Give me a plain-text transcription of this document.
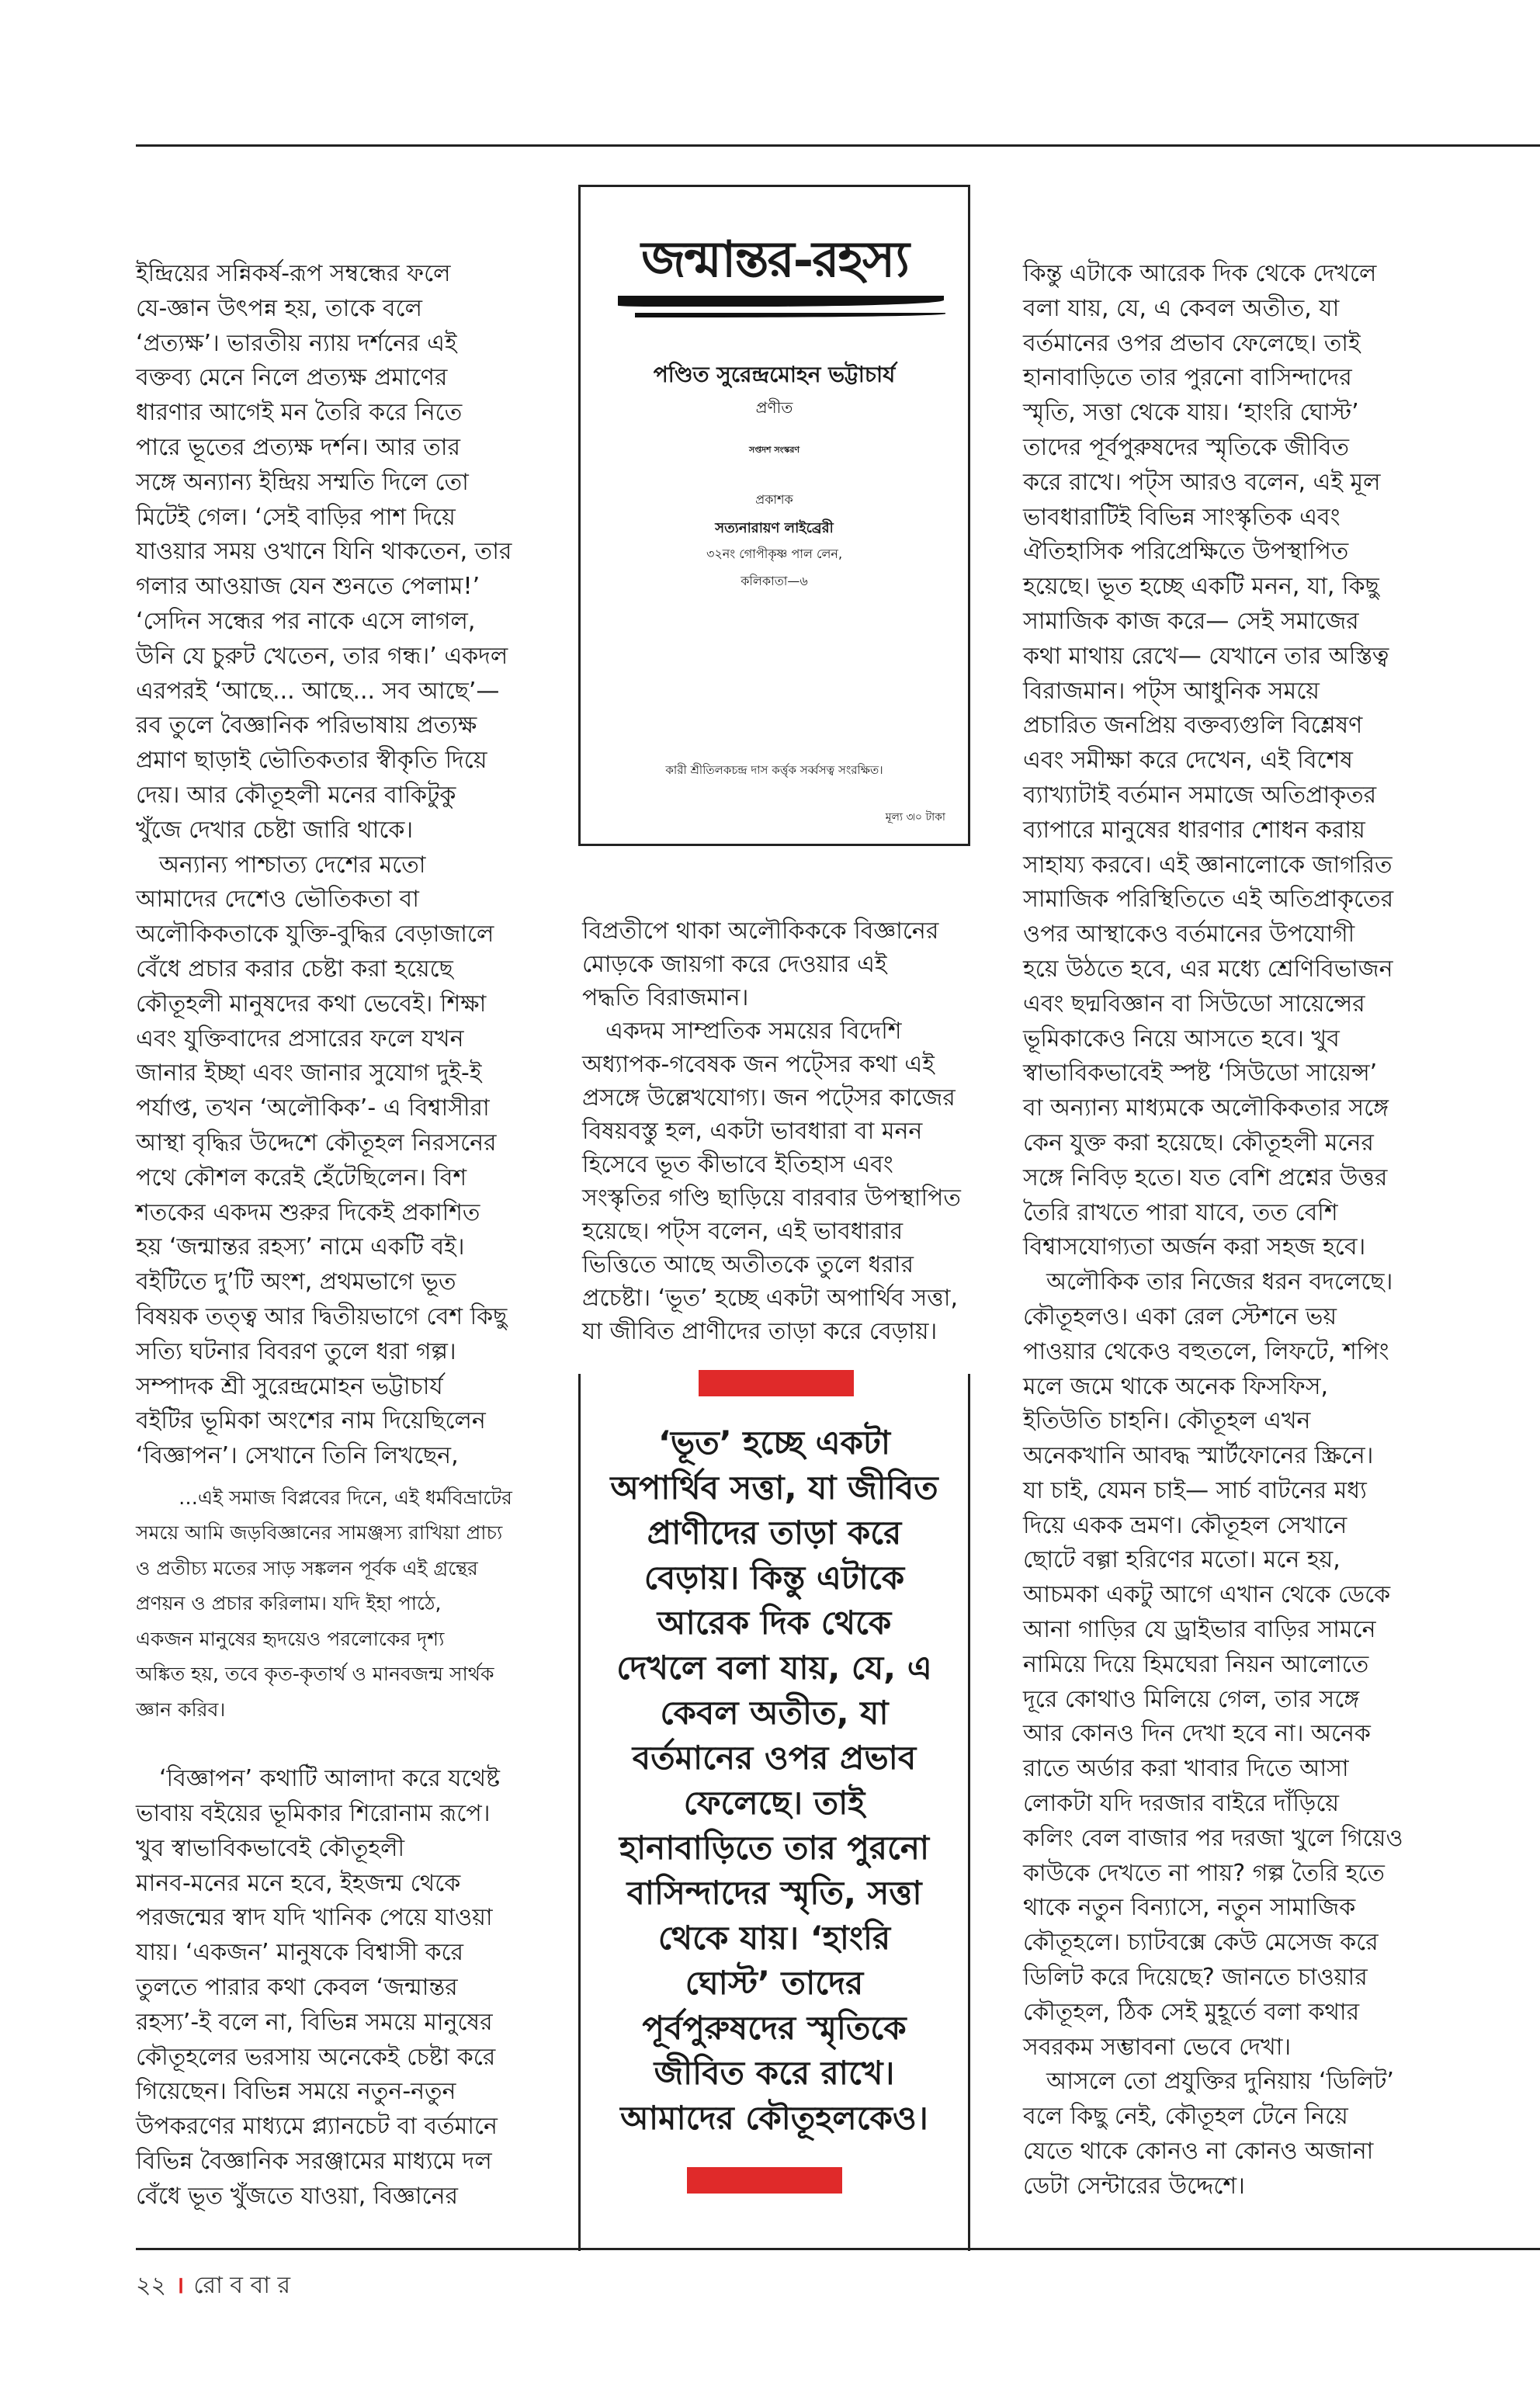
ইন্দ্রিয়ের সন্নিকর্ষ-রূপ সম্বন্ধের ফলে
যে-জ্ঞান উৎপন্ন হয়, তাকে বলে
‘প্রত্যক্ষ’। ভারতীয় ন্যায় দর্শনের এই
বক্তব্য মেনে নিলে প্রত্যক্ষ প্রমাণের
ধারণার আগেই মন তৈরি করে নিতে
পারে ভূতের প্রত্যক্ষ দর্শন। আর তার
সঙ্গে অন্যান্য ইন্দ্রিয় সম্মতি দিলে তো
মিটেই গেল। ‘সেই বাড়ির পাশ দিয়ে
যাওয়ার সময় ওখানে যিনি থাকতেন, তার
গলার আওয়াজ যেন শুনতে পেলাম!’
‘সেদিন সন্ধের পর নাকে এসে লাগল,
উনি যে চুরুট খেতেন, তার গন্ধ।’ একদল
এরপরই ‘আছে... আছে... সব আছে’—
রব তুলে বৈজ্ঞানিক পরিভাষায় প্রত্যক্ষ
প্রমাণ ছাড়াই ভৌতিকতার স্বীকৃতি দিয়ে
দেয়। আর কৌতূহলী মনের বাকিটুকু
খুঁজে দেখার চেষ্টা জারি থাকে।
অন্যান্য পাশ্চাত্য দেশের মতো
আমাদের দেশেও ভৌতিকতা বা
অলৌকিকতাকে যুক্তি-বুদ্ধির বেড়াজালে
বেঁধে প্রচার করার চেষ্টা করা হয়েছে
কৌতূহলী মানুষদের কথা ভেবেই। শিক্ষা
এবং যুক্তিবাদের প্রসারের ফলে যখন
জানার ইচ্ছা এবং জানার সুযোগ দুই-ই
পর্যাপ্ত, তখন ‘অলৌকিক’- এ বিশ্বাসীরা
আস্থা বৃদ্ধির উদ্দেশে কৌতূহল নিরসনের
পথে কৌশল করেই হেঁটেছিলেন। বিশ
শতকের একদম শুরুর দিকেই প্রকাশিত
হয় ‘জন্মান্তর রহস্য’ নামে একটি বই।
বইটিতে দু’টি অংশ, প্রথমভাগে ভূত
বিষয়ক তত্ত্ব আর দ্বিতীয়ভাগে বেশ কিছু
সত্যি ঘটনার বিবরণ তুলে ধরা গল্প।
সম্পাদক শ্রী সুরেন্দ্রমোহন ভট্টাচার্য
বইটির ভূমিকা অংশের নাম দিয়েছিলেন
‘বিজ্ঞাপন’। সেখানে তিনি লিখছেন,
…এই সমাজ বিপ্লবের দিনে, এই ধর্মবিভ্রাটের
সময়ে আমি জড়বিজ্ঞানের সামঞ্জস্য রাখিয়া প্রাচ্য
ও প্রতীচ্য মতের সাড় সঙ্কলন পূর্বক এই গ্রন্থের
প্রণয়ন ও প্রচার করিলাম। যদি ইহা পাঠে,
একজন মানুষের হৃদয়েও পরলোকের দৃশ্য
অঙ্কিত হয়, তবে কৃত-কৃতার্থ ও মানবজন্ম সার্থক
জ্ঞান করিব।
‘বিজ্ঞাপন’ কথাটি আলাদা করে যথেষ্ট
ভাবায় বইয়ের ভূমিকার শিরোনাম রূপে।
খুব স্বাভাবিকভাবেই কৌতূহলী
মানব-মনের মনে হবে, ইহজন্ম থেকে
পরজন্মের স্বাদ যদি খানিক পেয়ে যাওয়া
যায়। ‘একজন’ মানুষকে বিশ্বাসী করে
তুলতে পারার কথা কেবল ‘জন্মান্তর
রহস্য’-ই বলে না, বিভিন্ন সময়ে মানুষের
কৌতূহলের ভরসায় অনেকেই চেষ্টা করে
গিয়েছেন। বিভিন্ন সময়ে নতুন-নতুন
উপকরণের মাধ্যমে প্ল্যানচেট বা বর্তমানে
বিভিন্ন বৈজ্ঞানিক সরঞ্জামের মাধ্যমে দল
বেঁধে ভূত খুঁজতে যাওয়া, বিজ্ঞানের
জন্মান্তর-রহস্য
পণ্ডিত সুরেন্দ্রমোহন ভট্টাচার্য
প্রণীত
সপ্তদশ সংস্করণ
প্রকাশক
সত্যনারায়ণ লাইব্রেরী
৩২নং গোপীকৃষ্ণ পাল লেন,
কলিকাতা—৬
কারী শ্রীতিলকচন্দ্র দাস কর্ত্তৃক সর্ব্বসত্ব সংরক্ষিত।
মূল্য ৩৷০ টাকা
বিপ্রতীপে থাকা অলৌকিককে বিজ্ঞানের
মোড়কে জায়গা করে দেওয়ার এই
পদ্ধতি বিরাজমান।
একদম সাম্প্রতিক সময়ের বিদেশি
অধ্যাপক-গবেষক জন পট্সের কথা এই
প্রসঙ্গে উল্লেখযোগ্য। জন পট্সের কাজের
বিষয়বস্তু হল, একটা ভাবধারা বা মনন
হিসেবে ভূত কীভাবে ইতিহাস এবং
সংস্কৃতির গণ্ডি ছাড়িয়ে বারবার উপস্থাপিত
হয়েছে। পট্স বলেন, এই ভাবধারার
ভিত্তিতে আছে অতীতকে তুলে ধরার
প্রচেষ্টা। ‘ভূত’ হচ্ছে একটা অপার্থিব সত্তা,
যা জীবিত প্রাণীদের তাড়া করে বেড়ায়।
‘ভূত’ হচ্ছে একটা
অপার্থিব সত্তা, যা জীবিত
প্রাণীদের তাড়া করে
বেড়ায়। কিন্তু এটাকে
আরেক দিক থেকে
দেখলে বলা যায়, যে, এ
কেবল অতীত, যা
বর্তমানের ওপর প্রভাব
ফেলেছে। তাই
হানাবাড়িতে তার পুরনো
বাসিন্দাদের স্মৃতি, সত্তা
থেকে যায়। ‘হাংরি
ঘোস্ট’ তাদের
পূর্বপুরুষদের স্মৃতিকে
জীবিত করে রাখে।
আমাদের কৌতূহলকেও।
কিন্তু এটাকে আরেক দিক থেকে দেখলে
বলা যায়, যে, এ কেবল অতীত, যা
বর্তমানের ওপর প্রভাব ফেলেছে। তাই
হানাবাড়িতে তার পুরনো বাসিন্দাদের
স্মৃতি, সত্তা থেকে যায়। ‘হাংরি ঘোস্ট’
তাদের পূর্বপুরুষদের স্মৃতিকে জীবিত
করে রাখে। পট্স আরও বলেন, এই মূল
ভাবধারাটিই বিভিন্ন সাংস্কৃতিক এবং
ঐতিহাসিক পরিপ্রেক্ষিতে উপস্থাপিত
হয়েছে। ভূত হচ্ছে একটি মনন, যা, কিছু
সামাজিক কাজ করে— সেই সমাজের
কথা মাথায় রেখে— যেখানে তার অস্তিত্ব
বিরাজমান। পট্স আধুনিক সময়ে
প্রচারিত জনপ্রিয় বক্তব্যগুলি বিশ্লেষণ
এবং সমীক্ষা করে দেখেন, এই বিশেষ
ব্যাখ্যাটাই বর্তমান সমাজে অতিপ্রাকৃতর
ব্যাপারে মানুষের ধারণার শোধন করায়
সাহায্য করবে। এই জ্ঞানালোকে জাগরিত
সামাজিক পরিস্থিতিতে এই অতিপ্রাকৃতের
ওপর আস্থাকেও বর্তমানের উপযোগী
হয়ে উঠতে হবে, এর মধ্যে শ্রেণিবিভাজন
এবং ছদ্মবিজ্ঞান বা সিউডো সায়েন্সের
ভূমিকাকেও নিয়ে আসতে হবে। খুব
স্বাভাবিকভাবেই স্পষ্ট ‘সিউডো সায়েন্স’
বা অন্যান্য মাধ্যমকে অলৌকিকতার সঙ্গে
কেন যুক্ত করা হয়েছে। কৌতূহলী মনের
সঙ্গে নিবিড় হতে। যত বেশি প্রশ্নের উত্তর
তৈরি রাখতে পারা যাবে, তত বেশি
বিশ্বাসযোগ্যতা অর্জন করা সহজ হবে।
অলৌকিক তার নিজের ধরন বদলেছে।
কৌতূহলও। একা রেল স্টেশনে ভয়
পাওয়ার থেকেও বহুতলে, লিফটে, শপিং
মলে জমে থাকে অনেক ফিসফিস,
ইতিউতি চাহনি। কৌতূহল এখন
অনেকখানি আবদ্ধ স্মার্টফোনের স্ক্রিনে।
যা চাই, যেমন চাই— সার্চ বাটনের মধ্য
দিয়ে একক ভ্রমণ। কৌতূহল সেখানে
ছোটে বল্গা হরিণের মতো। মনে হয়,
আচমকা একটু আগে এখান থেকে ডেকে
আনা গাড়ির যে ড্রাইভার বাড়ির সামনে
নামিয়ে দিয়ে হিমঘেরা নিয়ন আলোতে
দূরে কোথাও মিলিয়ে গেল, তার সঙ্গে
আর কোনও দিন দেখা হবে না। অনেক
রাতে অর্ডার করা খাবার দিতে আসা
লোকটা যদি দরজার বাইরে দাঁড়িয়ে
কলিং বেল বাজার পর দরজা খুলে গিয়েও
কাউকে দেখতে না পায়? গল্প তৈরি হতে
থাকে নতুন বিন্যাসে, নতুন সামাজিক
কৌতূহলে। চ্যাটবক্সে কেউ মেসেজ করে
ডিলিট করে দিয়েছে? জানতে চাওয়ার
কৌতূহল, ঠিক সেই মুহূর্তে বলা কথার
সবরকম সম্ভাবনা ভেবে দেখা।
আসলে তো প্রযুক্তির দুনিয়ায় ‘ডিলিট’
বলে কিছু নেই, কৌতূহল টেনে নিয়ে
যেতে থাকে কোনও না কোনও অজানা
ডেটা সেন্টারের উদ্দেশে।
২২ । রো ব বা র
